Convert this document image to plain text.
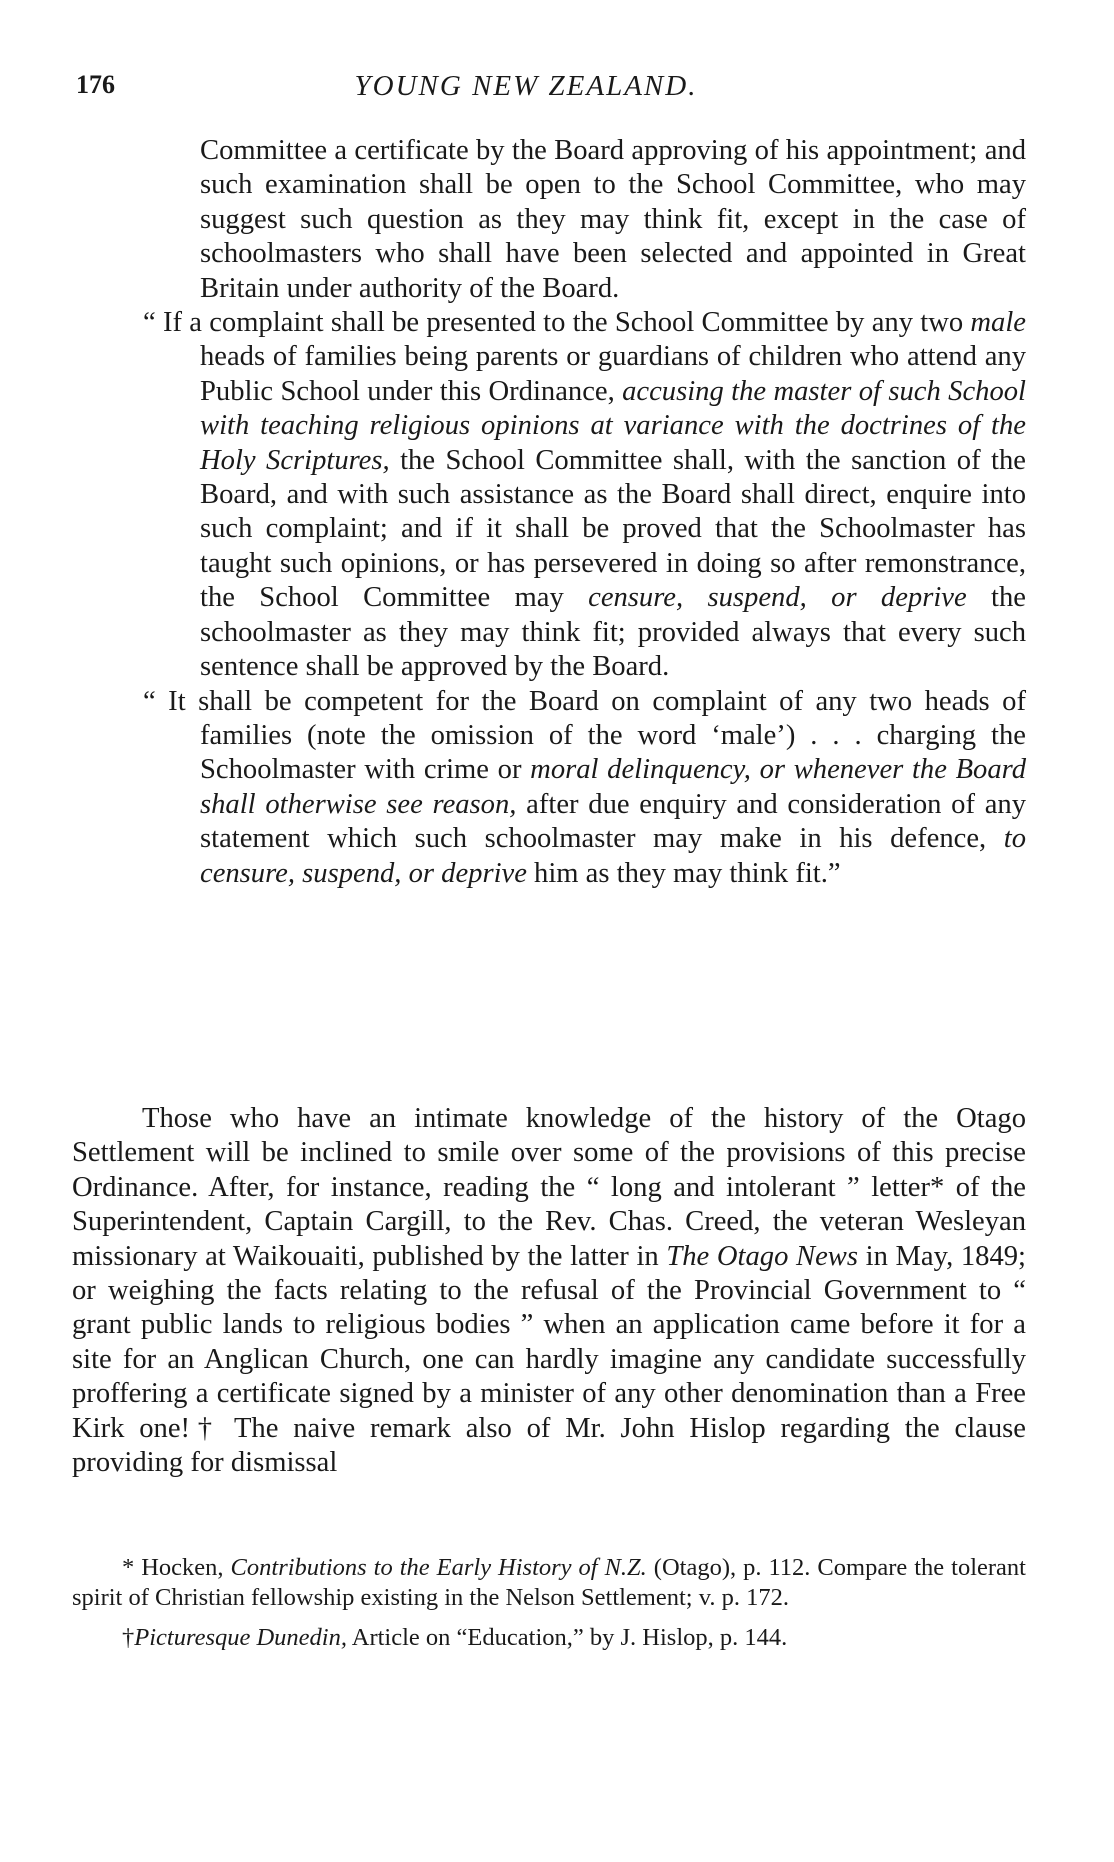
176	YOUNG NEW ZEALAND.

Committee a certificate by the Board approving of his appointment; and such examination shall be open to the School Committee, who may suggest such question as they may think fit, except in the case of schoolmasters who shall have been selected and appointed in Great Britain under authority of the Board.

“ If a complaint shall be presented to the School Committee by any two male heads of families being parents or guardians of children who attend any Public School under this Ordinance, accusing the master of such School with teaching religious opinions at variance with the doctrines of the Holy Scriptures, the School Committee shall, with the sanction of the Board, and with such assistance as the Board shall direct, enquire into such complaint; and if it shall be proved that the Schoolmaster has taught such opinions, or has persevered in doing so after remonstrance, the School Committee may censure, suspend, or deprive the schoolmaster as they may think fit; provided always that every such sentence shall be approved by the Board.

“ It shall be competent for the Board on complaint of any two heads of families (note the omission of the word ‘male’) . . . charging the Schoolmaster with crime or moral delinquency, or whenever the Board shall otherwise see reason, after due enquiry and consideration of any statement which such schoolmaster may make in his defence, to censure, suspend, or deprive him as they may think fit.”

Those who have an intimate knowledge of the history of the Otago Settlement will be inclined to smile over some of the provisions of this precise Ordinance. After, for instance, reading the “ long and intolerant ” letter* of the Superintendent, Captain Cargill, to the Rev. Chas. Creed, the veteran Wesleyan missionary at Waikouaiti, published by the latter in The Otago News in May, 1849; or weighing the facts relating to the refusal of the Provincial Government to “ grant public lands to religious bodies ” when an application came before it for a site for an Anglican Church, one can hardly imagine any candidate successfully proffering a certificate signed by a minister of any other denomination than a Free Kirk one!† The naive remark also of Mr. John Hislop regarding the clause providing for dismissal

* Hocken, Contributions to the Early History of N.Z. (Otago), p. 112. Compare the tolerant spirit of Christian fellowship existing in the Nelson Settlement; v. p. 172.

†Picturesque Dunedin, Article on “Education,” by J. Hislop, p. 144.
